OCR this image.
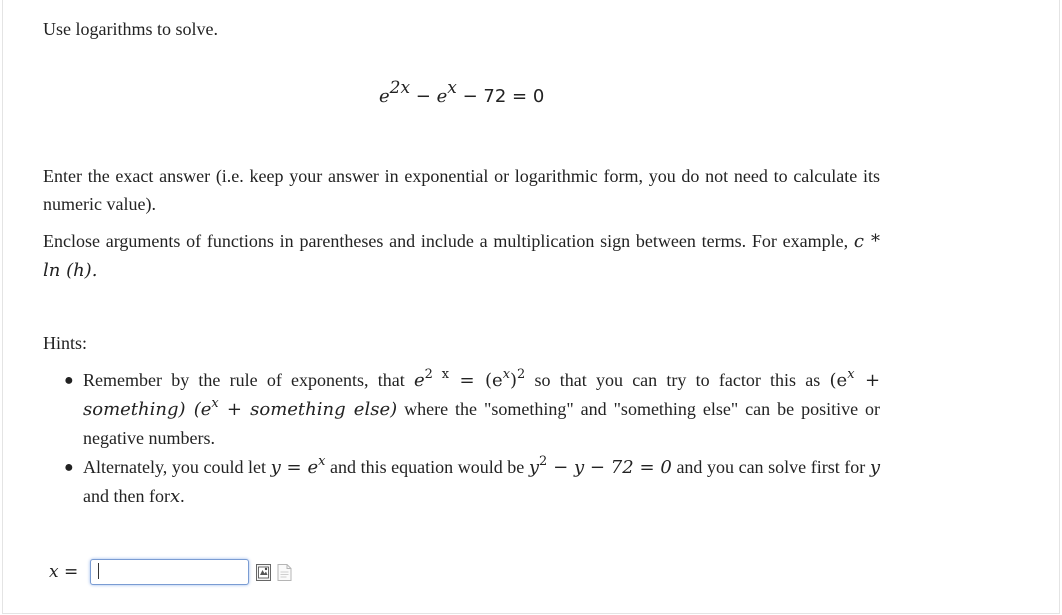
Use logarithms to solve.
e2x − ex − 72 = 0
Enter the exact answer (i.e. keep your answer in exponential or logarithmic form, you do not need to calculate its numeric value).
Enclose arguments of functions in parentheses and include a multiplication sign between terms. For example, c * ln (h).
Hints:
● Remember by the rule of exponents, that $e^{2 x} = (e^x)^2$ so that you can try to factor this as ($e^x$ + something) ($e^x$ + something else) where the "something" and "something else" can be positive or negative numbers.
● Alternately, you could let $y = e^x$ and this equation would be $y^2 - y - 72 = 0$ and you can solve first for y and then forx.
x =
